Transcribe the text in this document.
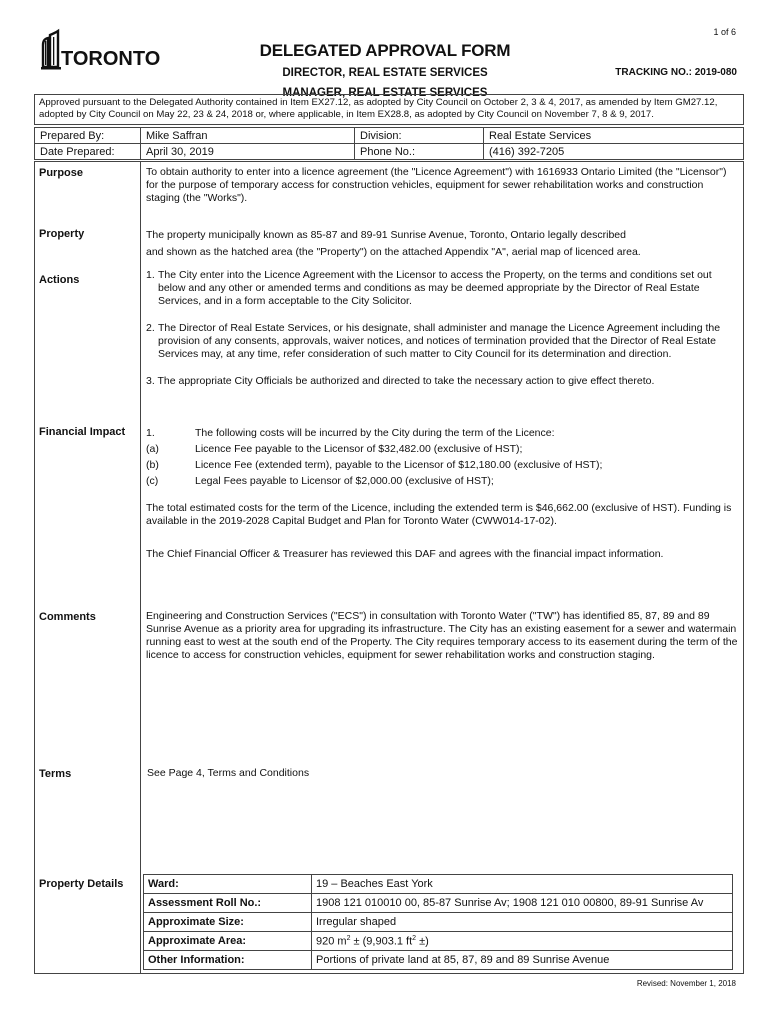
1 of 6
TORONTO	DELEGATED APPROVAL FORM
DIRECTOR, REAL ESTATE SERVICES
MANAGER, REAL ESTATE SERVICES
TRACKING NO.: 2019-080
Approved pursuant to the Delegated Authority contained in Item EX27.12, as adopted by City Council on October 2, 3 & 4, 2017, as amended by Item GM27.12, adopted by City Council on May 22, 23 & 24, 2018 or, where applicable, in Item EX28.8, as adopted by City Council on November 7, 8 & 9, 2017.
Prepared By:	Mike Saffran	Division:	Real Estate Services
Date Prepared:	April 30, 2019	Phone No.:	(416) 392-7205
Purpose	To obtain authority to enter into a licence agreement (the "Licence Agreement") with 1616933 Ontario Limited (the "Licensor") for the purpose of temporary access for construction vehicles, equipment for sewer rehabilitation works and construction staging (the "Works").

Property	The property municipally known as 85-87 and 89-91 Sunrise Avenue, Toronto, Ontario legally described

and shown as the hatched area (the "Property") on the attached Appendix "A", aerial map of licenced area.

Actions	1. The City enter into the Licence Agreement with the Licensor to access the Property, on the terms and conditions set out below and any other or amended terms and conditions as may be deemed appropriate by the Director of Real Estate Services, and in a form acceptable to the City Solicitor.
2. The Director of Real Estate Services, or his designate, shall administer and manage the Licence Agreement including the provision of any consents, approvals, waiver notices, and notices of termination provided that the Director of Real Estate Services may, at any time, refer consideration of such matter to City Council for its determination and direction.

3. The appropriate City Officials be authorized and directed to take the necessary action to give effect thereto.

Financial Impact 1.	The following costs will be incurred by the City during the term of the Licence:
(a)	Licence Fee payable to the Licensor of $32,482.00 (exclusive of HST);
(b)	Licence Fee (extended term), payable to the Licensor of $12,180.00 (exclusive of HST);
(c)	Legal Fees payable to Licensor of $2,000.00 (exclusive of HST);

The total estimated costs for the term of the Licence, including the extended term is $46,662.00 (exclusive of HST). Funding is available in the 2019-2028 Capital Budget and Plan for Toronto Water (CWW014-17-02).

The Chief Financial Officer & Treasurer has reviewed this DAF and agrees with the financial impact information.

Comments	Engineering and Construction Services ("ECS") in consultation with Toronto Water ("TW") has identified 85, 87, 89 and 89 Sunrise Avenue as a priority area for upgrading its infrastructure. The City has an existing easement for a sewer and watermain running east to west at the south end of the Property. The City requires temporary access to its easement during the term of the licence to access for construction vehicles, equipment for sewer rehabilitation works and construction staging.

Terms	See Page 4, Terms and Conditions

Property Details Ward:	19 – Beaches East York
Assessment Roll No.:	1908 121 010010 00, 85-87 Sunrise Av; 1908 121 010 00800, 89-91 Sunrise Av
Approximate Size:	Irregular shaped
Approximate Area:	920 $m^2 \pm (9,903.1$ $ft^2$ ±)
Other Information:	Portions of private land at 85, 87, 89 and 89 Sunrise Avenue
Revised: November 1, 2018
